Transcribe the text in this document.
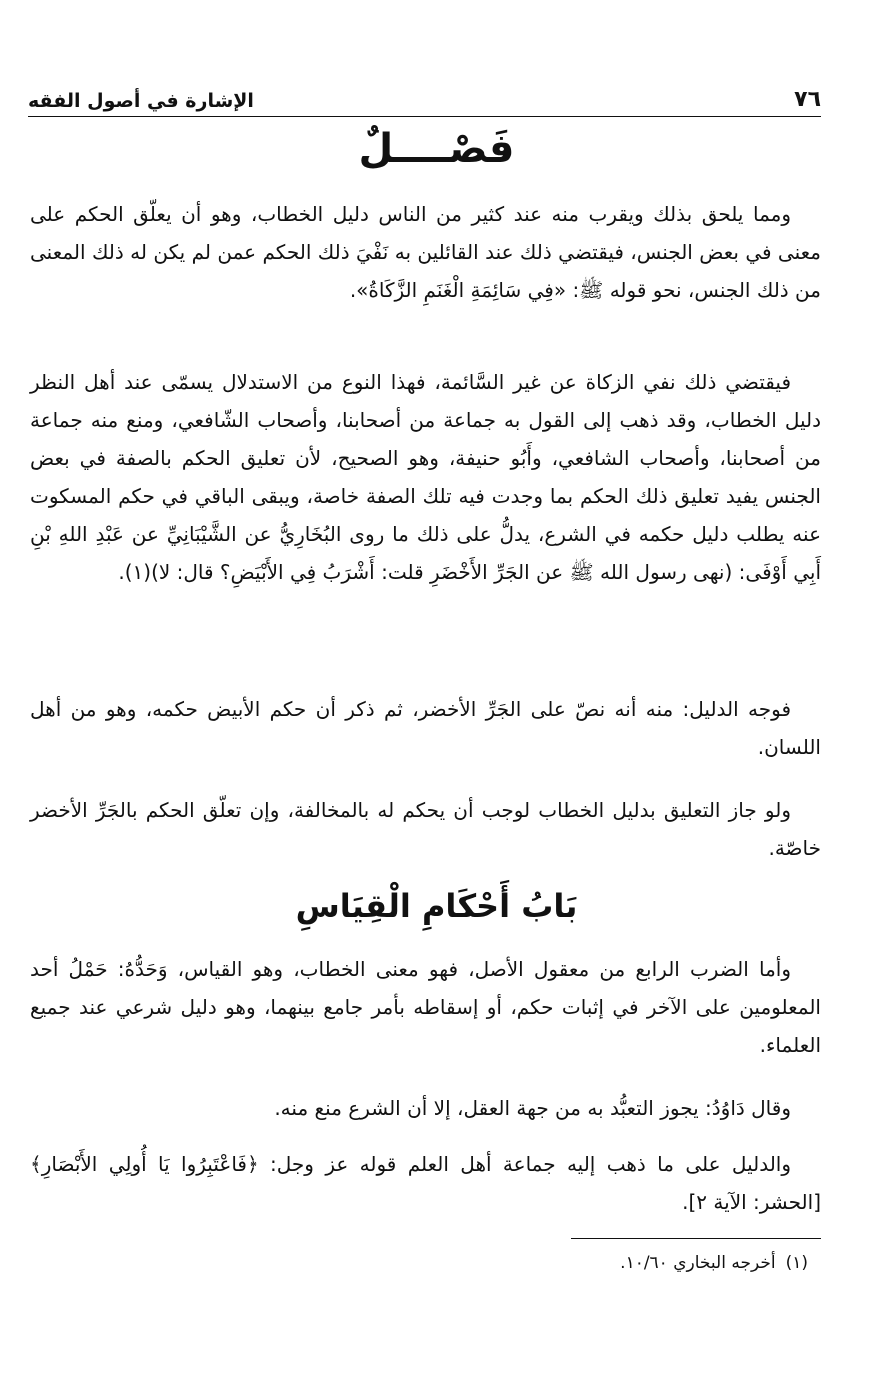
٧٦
الإشارة في أصول الفقه
فَصْــــلٌ

ومما يلحق بذلك ويقرب منه عند كثير من الناس دليل الخطاب، وهو أن يعلّق الحكم على معنى في بعض الجنس، فيقتضي ذلك عند القائلين به نَفْيَ ذلك الحكم عمن لم يكن له ذلك المعنى من ذلك الجنس، نحو قوله ﷺ: «فِي سَائِمَةِ الْغَنَمِ الزَّكَاةُ».

فيقتضي ذلك نفي الزكاة عن غير السَّائمة، فهذا النوع من الاستدلال يسمّى عند أهل النظر دليل الخطاب، وقد ذهب إلى القول به جماعة من أصحابنا، وأصحاب الشّافعي، ومنع منه جماعة من أصحابنا، وأصحاب الشافعي، وأَبُو حنيفة، وهو الصحيح، لأن تعليق الحكم بالصفة في بعض الجنس يفيد تعليق ذلك الحكم بما وجدت فيه تلك الصفة خاصة، ويبقى الباقي في حكم المسكوت عنه يطلب دليل حكمه في الشرع، يدلُّ على ذلك ما روى البُخَارِيُّ عن الشَّيْبَانِيِّ عن عَبْدِ اللهِ بْنِ أَبِي أَوْفَى: (نهى رسول الله ﷺ عن الجَرِّ الأَخْضَرِ قلت: أَشْرَبُ فِي الأَبْيَضِ؟ قال: لا)(١).

فوجه الدليل: منه أنه نصّ على الجَرِّ الأخضر، ثم ذكر أن حكم الأبيض حكمه، وهو من أهل اللسان.

ولو جاز التعليق بدليل الخطاب لوجب أن يحكم له بالمخالفة، وإن تعلّق الحكم بالجَرِّ الأخضر خاصّة.

بَابُ أَحْكَامِ الْقِيَاسِ

وأما الضرب الرابع من معقول الأصل، فهو معنى الخطاب، وهو القياس، وَحَدُّهُ: حَمْلُ أحد المعلومين على الآخر في إثبات حكم، أو إسقاطه بأمر جامع بينهما، وهو دليل شرعي عند جميع العلماء.

وقال دَاوُدُ: يجوز التعبُّد به من جهة العقل، إلا أن الشرع منع منه.

والدليل على ما ذهب إليه جماعة أهل العلم قوله عز وجل: ﴿فَاعْتَبِرُوا يَا أُولِي الأَبْصَارِ﴾ [الحشر: الآية ٢].

(١)أخرجه البخاري ١٠/٦٠.
